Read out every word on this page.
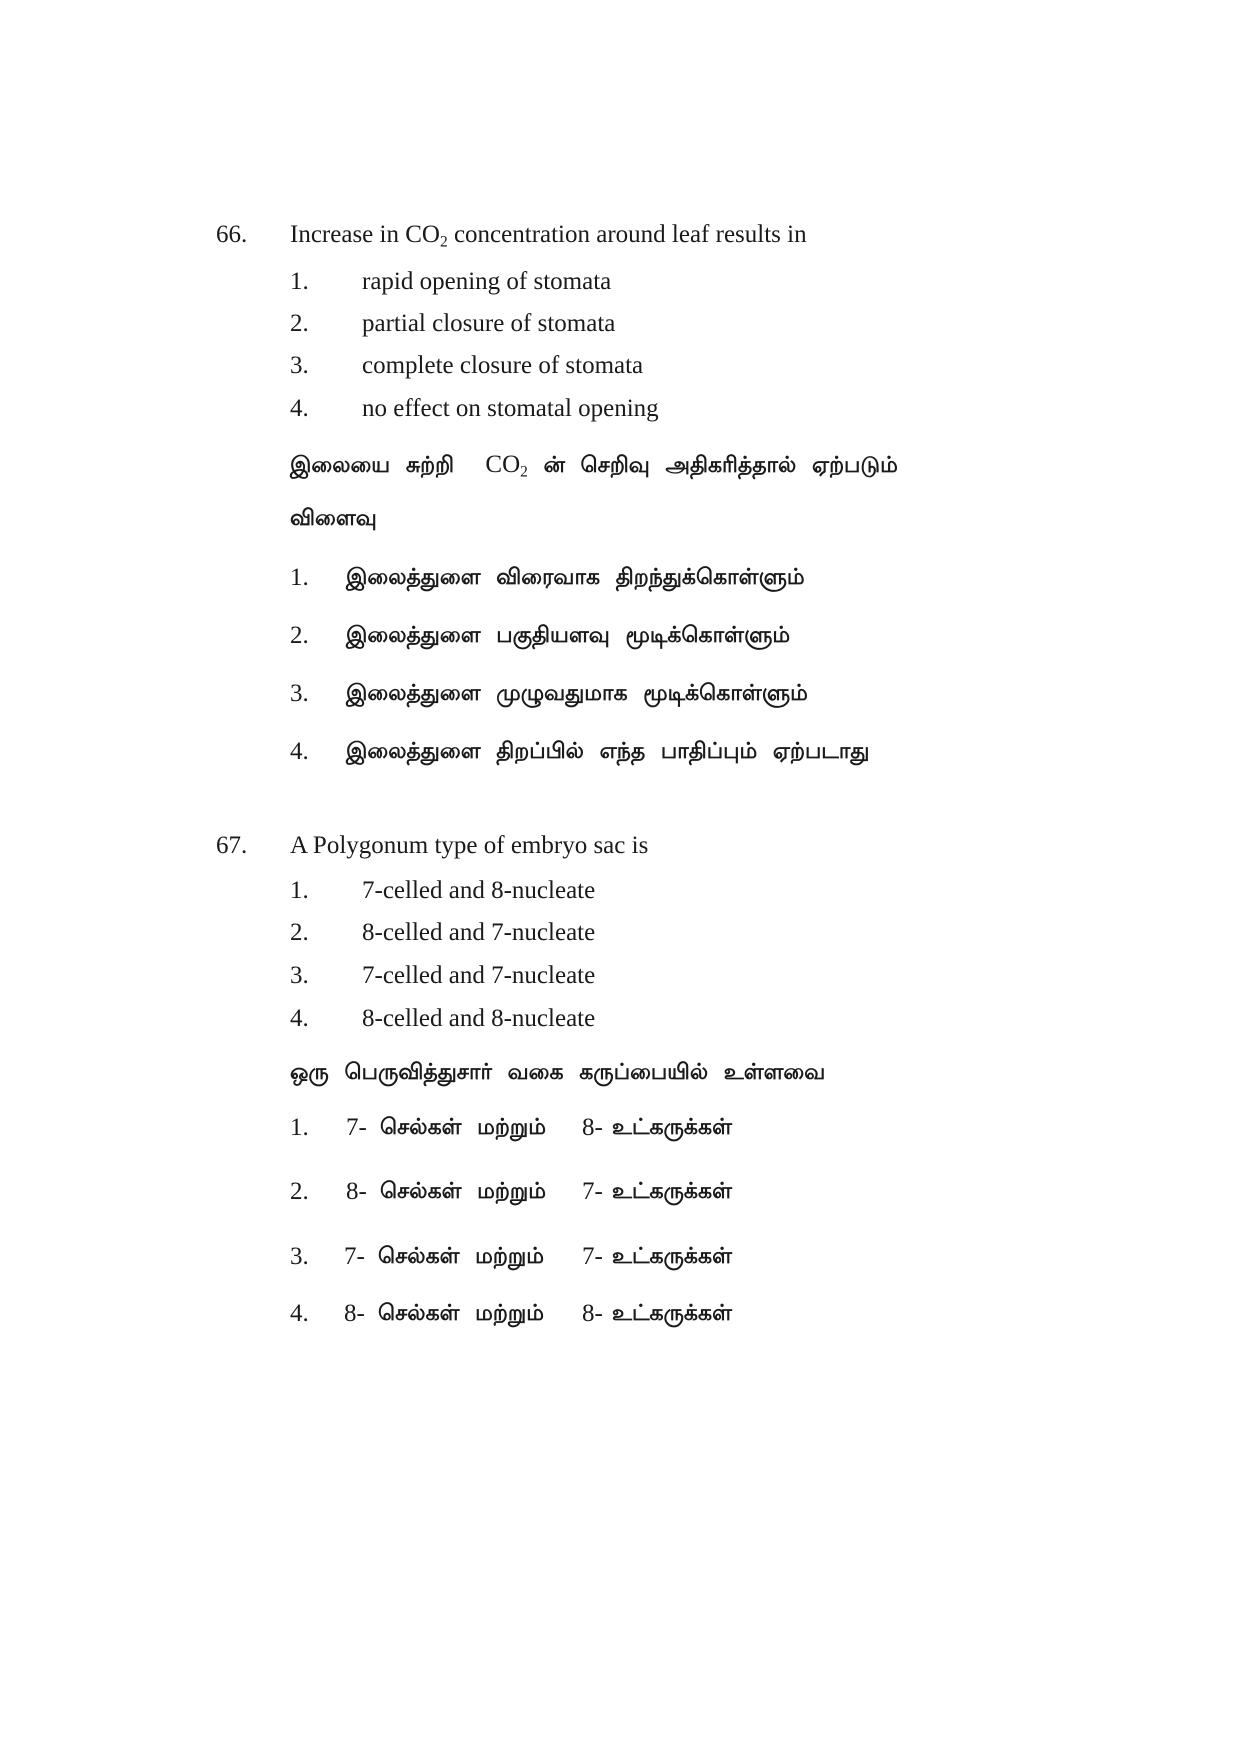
66. Increase in $CO_2$ concentration around leaf results in
1. rapid opening of stomata
2. partial closure of stomata
3. complete closure of stomata
4. no effect on stomatal opening
இலையை சுற்றி $CO_2$ ன் செறிவு அதிகரித்தால் ஏற்படும்
விளைவு
1. இலைத்துளை விரைவாக திறந்துக்கொள்ளும்
2. இலைத்துளை பகுதியளவு மூடிக்கொள்ளும்
3. இலைத்துளை முழுவதுமாக மூடிக்கொள்ளும்
4. இலைத்துளை திறப்பில் எந்த பாதிப்பும் ஏற்படாது
67. A Polygonum type of embryo sac is
1. 7-celled and 8-nucleate
2. 8-celled and 7-nucleate
3. 7-celled and 7-nucleate
4. 8-celled and 8-nucleate
ஒரு பெருவித்துசார் வகை கருப்பையில் உள்ளவை
1. 7- செல்கள் மற்றும் 8- உட்கருக்கள்
2. 8- செல்கள் மற்றும் 7- உட்கருக்கள்
3. 7- செல்கள் மற்றும் 7- உட்கருக்கள்
4. 8- செல்கள் மற்றும் 8- உட்கருக்கள்
